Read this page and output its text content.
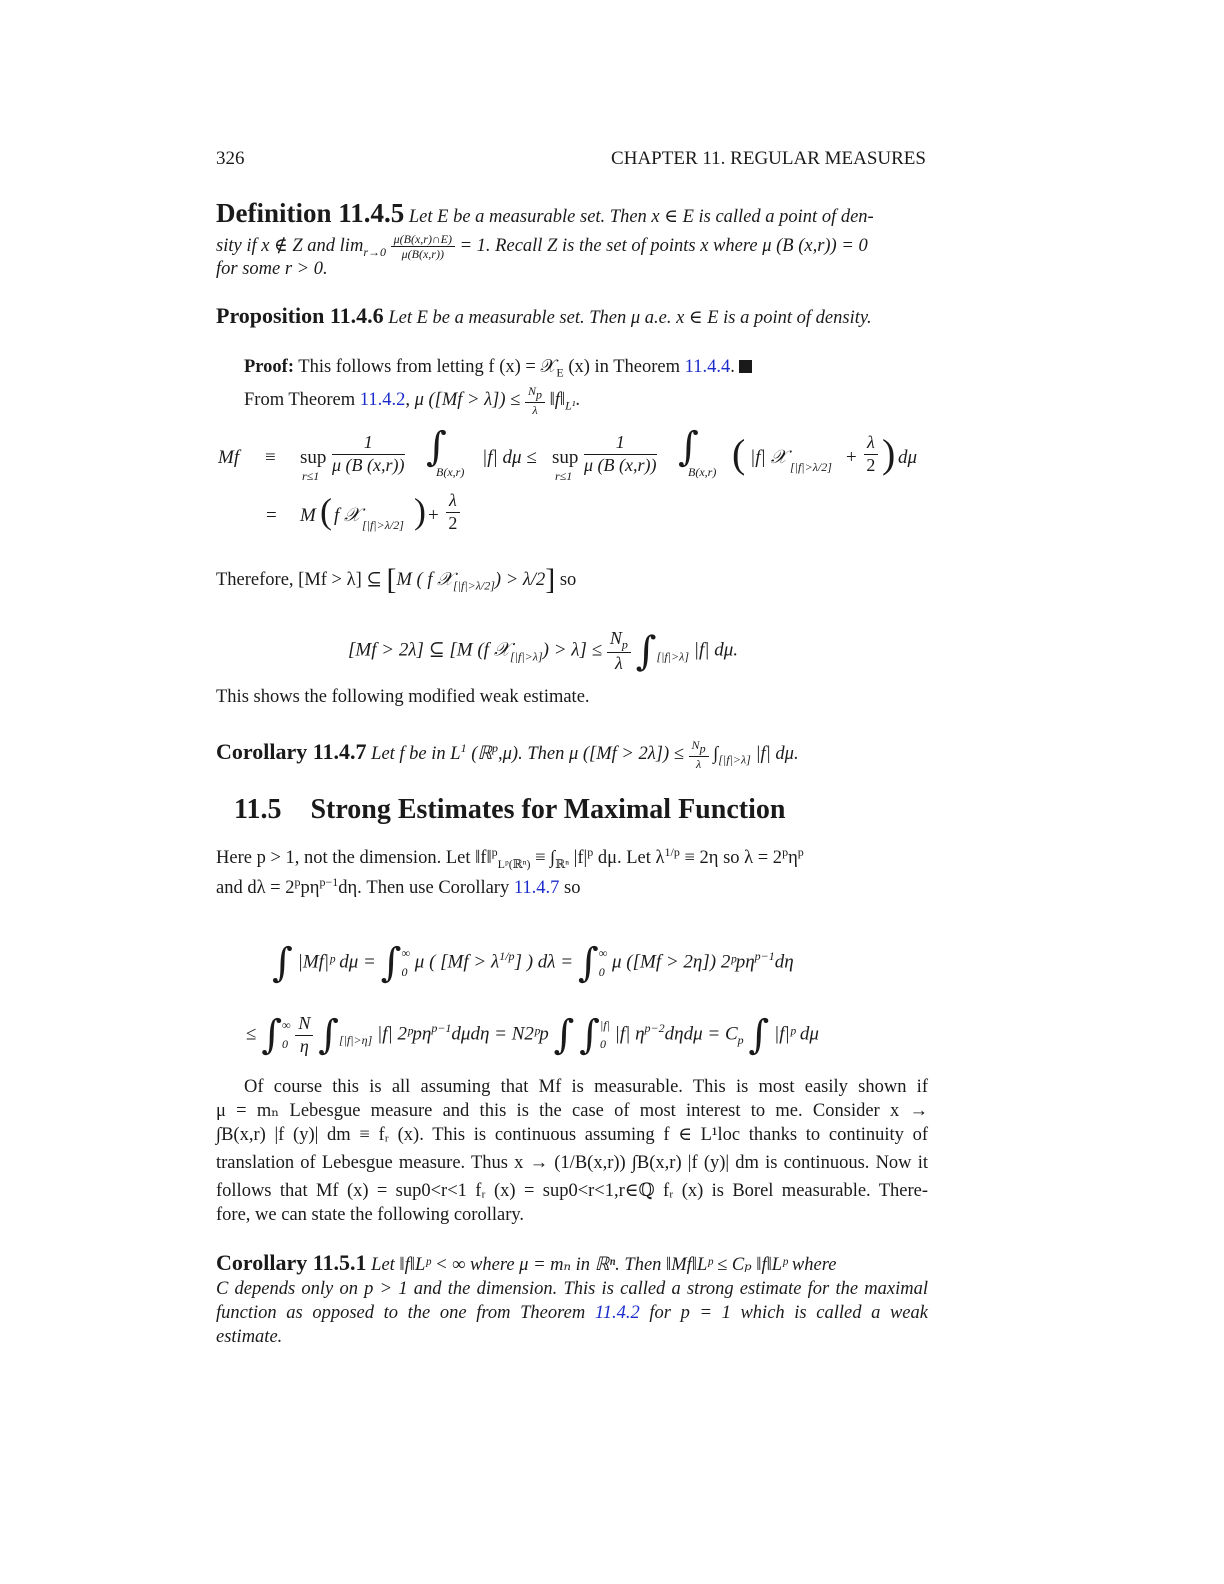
326	CHAPTER 11. REGULAR MEASURES
Definition 11.4.5 Let E be a measurable set. Then x ∈ E is called a point of den-
sity if x ∉ Z and $\lim_{r\to 0} \frac{\mu(B(x,r)\cap E)}{\mu(B(x,r))} = 1$. Recall Z is the set of points x where μ (B (x,r)) = 0
for some r > 0.
Proposition 11.4.6 Let E be a measurable set. Then μ a.e. x ∈ E is a point of density.
Proof: This follows from letting f (x) = 𝒳$_E$ (x) in Theorem 11.4.4.
From Theorem 11.4.2, μ $([Mf > \lambda]) \le \frac{Np}{\lambda}$ $‖f‖_{L^1}$.
Mf ≡ sup
$r\le 1 \frac{1}{\mu (B (x,r))}$ ∫
B(x,r)
|f| dμ ≤ sup
$r\le 1 \frac{1}{\mu (B (x,r))}$ ∫
B(x,r) ( |f| 𝒳 $[|f|>\lambda/2] + \frac{\lambda}{2}$ ) dμ
= M ( f 𝒳 [|f|>λ/2] ) + $\frac{\lambda}{2}$
Therefore, [Mf > λ] ⊆ [M ( f 𝒳$_{[|f|>\lambda/2]}$) > λ/2] so
[Mf > 2λ] ⊆ [M (f 𝒳$_{[|f|>\lambda]}$) > $\lambda] \le \frac{N_p}{\lambda} \int_{[|f|>\lambda]}$ |f| dμ.
This shows the following modified weak estimate.
Corollary 11.4.7 Let f be in $L^1$ (ℝ$^p$,μ). Then μ $([Mf > 2\lambda]) \le \frac{Np}{\lambda} \int_{[|f|>\lambda]}$ |f| dμ.
11.5 Strong Estimates for Maximal Function
Here p > 1, not the dimension. Let ‖f‖$^p_{Lᵖ(ℝ^n)}$ ≡ $\int_{ℝ^n}$ $|f|^p$ dμ. Let $\lambda^{1/p} \equiv 2\eta$ so $\lambda = 2^p\eta^p$
and $d\lambda = 2^pp\eta^{p-1}d\eta$. Then use Corollary 11.4.7 so
∫ |Mf|ᵖ dμ = ∫ ∞
0 μ ( $[Mf > \lambda^{1/p}]$ ) dλ = ∫ ∞
0 μ ([Mf > 2η]) 2ᵖpη$^{p-1}$dη
≤ ∫ ∞
0
$\frac{N}{\eta} \int_{[|f|>\eta]}$ |f| 2ᵖpη$^{p-1}$dμdη = N2ᵖp ∫ ∫ |f|
0 |f| $\eta^{p-2}d\eta d\mu = C_p$ ∫ |f|ᵖ dμ
Of course this is all assuming that Mf is measurable. This is most easily shown if
μ = mₙ Lebesgue measure and this is the case of most interest to me. Consider x →
∫B(x,r) |f (y)| dm ≡ fᵣ (x). This is continuous assuming f ∈ L¹loc thanks to continuity of
translation of Lebesgue measure. Thus x → (1/B(x,r)) ∫B(x,r) |f (y)| dm is continuous. Now it
follows that Mf (x) = sup0<r<1 fᵣ (x) = sup0<r<1,r∈ℚ fᵣ (x) is Borel measurable. There-
fore, we can state the following corollary.
Corollary 11.5.1 Let ‖f‖Lᵖ < ∞ where μ = mₙ in ℝⁿ. Then ‖Mf‖Lᵖ ≤ Cₚ ‖f‖Lᵖ where
C depends only on p > 1 and the dimension. This is called a strong estimate for the maximal
function as opposed to the one from Theorem 11.4.2 for p = 1 which is called a weak
estimate.
